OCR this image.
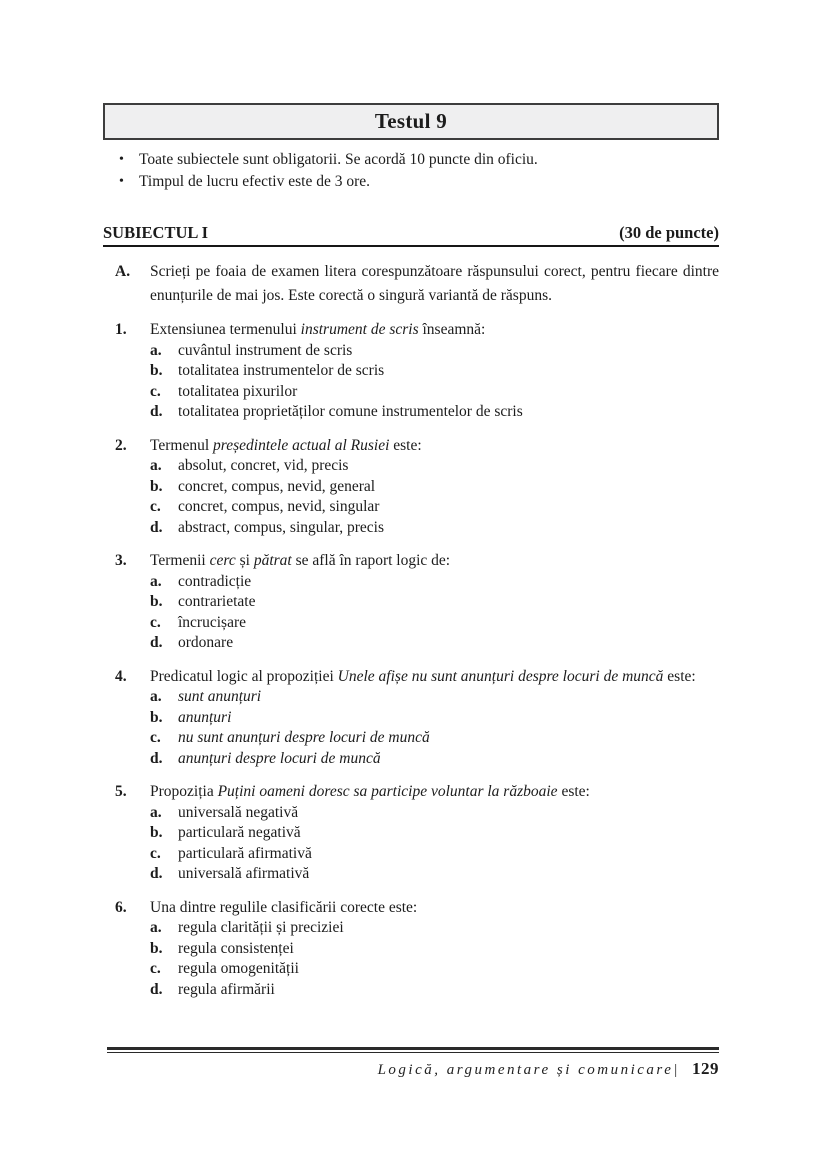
Testul 9
• Toate subiectele sunt obligatorii. Se acordă 10 puncte din oficiu.
• Timpul de lucru efectiv este de 3 ore.
SUBIECTUL I	(30 de puncte)
A.	Scrieți pe foaia de examen litera corespunzătoare răspunsului corect, pentru fiecare dintre enunțurile de mai jos. Este corectă o singură variantă de răspuns.
1.	Extensiunea termenului instrument de scris înseamnă:
a.	cuvântul instrument de scris
b.	totalitatea instrumentelor de scris
c.	totalitatea pixurilor
d.	totalitatea proprietăților comune instrumentelor de scris
2.	Termenul președintele actual al Rusiei este:
a.	absolut, concret, vid, precis
b.	concret, compus, nevid, general
c.	concret, compus, nevid, singular
d.	abstract, compus, singular, precis
3.	Termenii cerc și pătrat se află în raport logic de:
a.	contradicție
b.	contrarietate
c.	încrucișare
d.	ordonare
4.	Predicatul logic al propoziției Unele afișe nu sunt anunțuri despre locuri de muncă este:
a.	sunt anunțuri
b.	anunțuri
c.	nu sunt anunțuri despre locuri de muncă
d.	anunțuri despre locuri de muncă
5.	Propoziția Puțini oameni doresc sa participe voluntar la războaie este:
a.	universală negativă
b.	particulară negativă
c.	particulară afirmativă
d.	universală afirmativă
6.	Una dintre regulile clasificării corecte este:
a.	regula clarității și preciziei
b.	regula consistenței
c.	regula omogenității
d.	regula afirmării
Logică, argumentare și comunicare| 129
